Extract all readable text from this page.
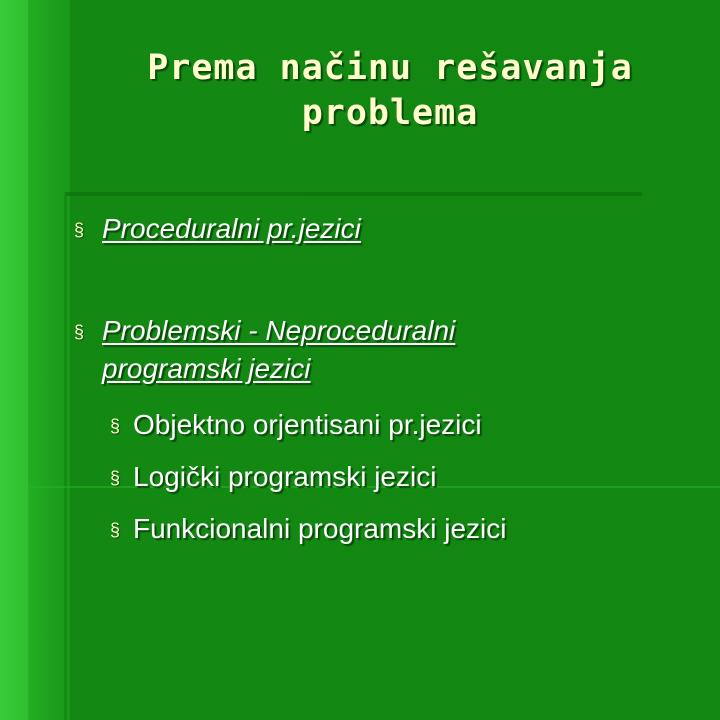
Prema načinu rešavanja
problema
§ Proceduralni pr.jezici
§ Problemski - Neproceduralni
programski jezici
§ Objektno orjentisani pr.jezici
§ Logički programski jezici
§ Funkcionalni programski jezici
